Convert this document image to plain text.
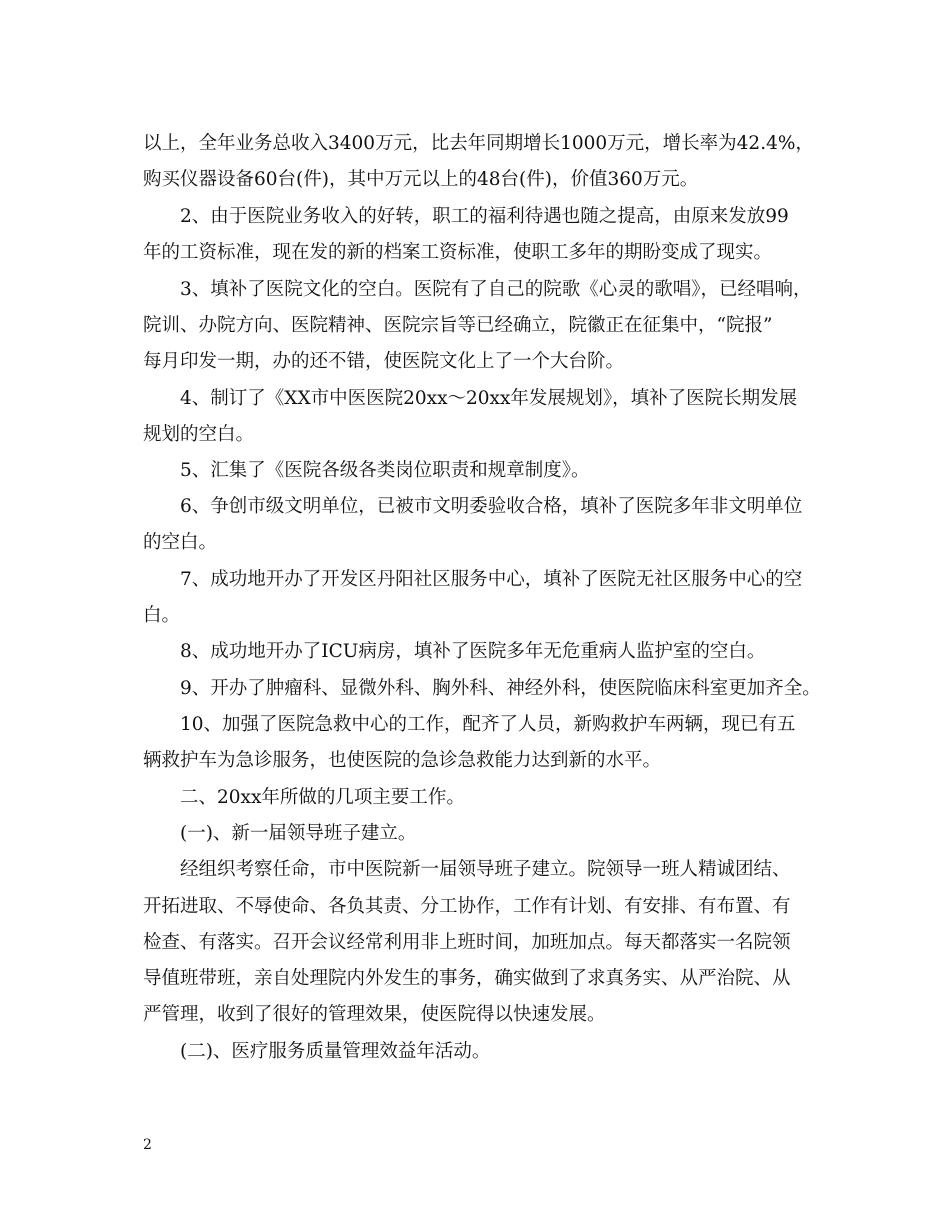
以上，全年业务总收入3400万元，比去年同期增长1000万元，增长率为42.4%，
购买仪器设备60台(件)，其中万元以上的48台(件)，价值360万元。
2、由于医院业务收入的好转，职工的福利待遇也随之提高，由原来发放99
年的工资标准，现在发的新的档案工资标准，使职工多年的期盼变成了现实。
3、填补了医院文化的空白。医院有了自己的院歌《心灵的歌唱》，已经唱响，
院训、办院方向、医院精神、医院宗旨等已经确立，院徽正在征集中，“院报”
每月印发一期，办的还不错，使医院文化上了一个大台阶。
4、制订了《XX市中医医院20xx～20xx年发展规划》，填补了医院长期发展
规划的空白。
5、汇集了《医院各级各类岗位职责和规章制度》。
6、争创市级文明单位，已被市文明委验收合格，填补了医院多年非文明单位
的空白。
7、成功地开办了开发区丹阳社区服务中心，填补了医院无社区服务中心的空
白。
8、成功地开办了ICU病房，填补了医院多年无危重病人监护室的空白。
9、开办了肿瘤科、显微外科、胸外科、神经外科，使医院临床科室更加齐全。
10、加强了医院急救中心的工作，配齐了人员，新购救护车两辆，现已有五
辆救护车为急诊服务，也使医院的急诊急救能力达到新的水平。
二、20xx年所做的几项主要工作。
(一)、新一届领导班子建立。
经组织考察任命，市中医院新一届领导班子建立。院领导一班人精诚团结、
开拓进取、不辱使命、各负其责、分工协作，工作有计划、有安排、有布置、有
检查、有落实。召开会议经常利用非上班时间，加班加点。每天都落实一名院领
导值班带班，亲自处理院内外发生的事务，确实做到了求真务实、从严治院、从
严管理，收到了很好的管理效果，使医院得以快速发展。
(二)、医疗服务质量管理效益年活动。
2
